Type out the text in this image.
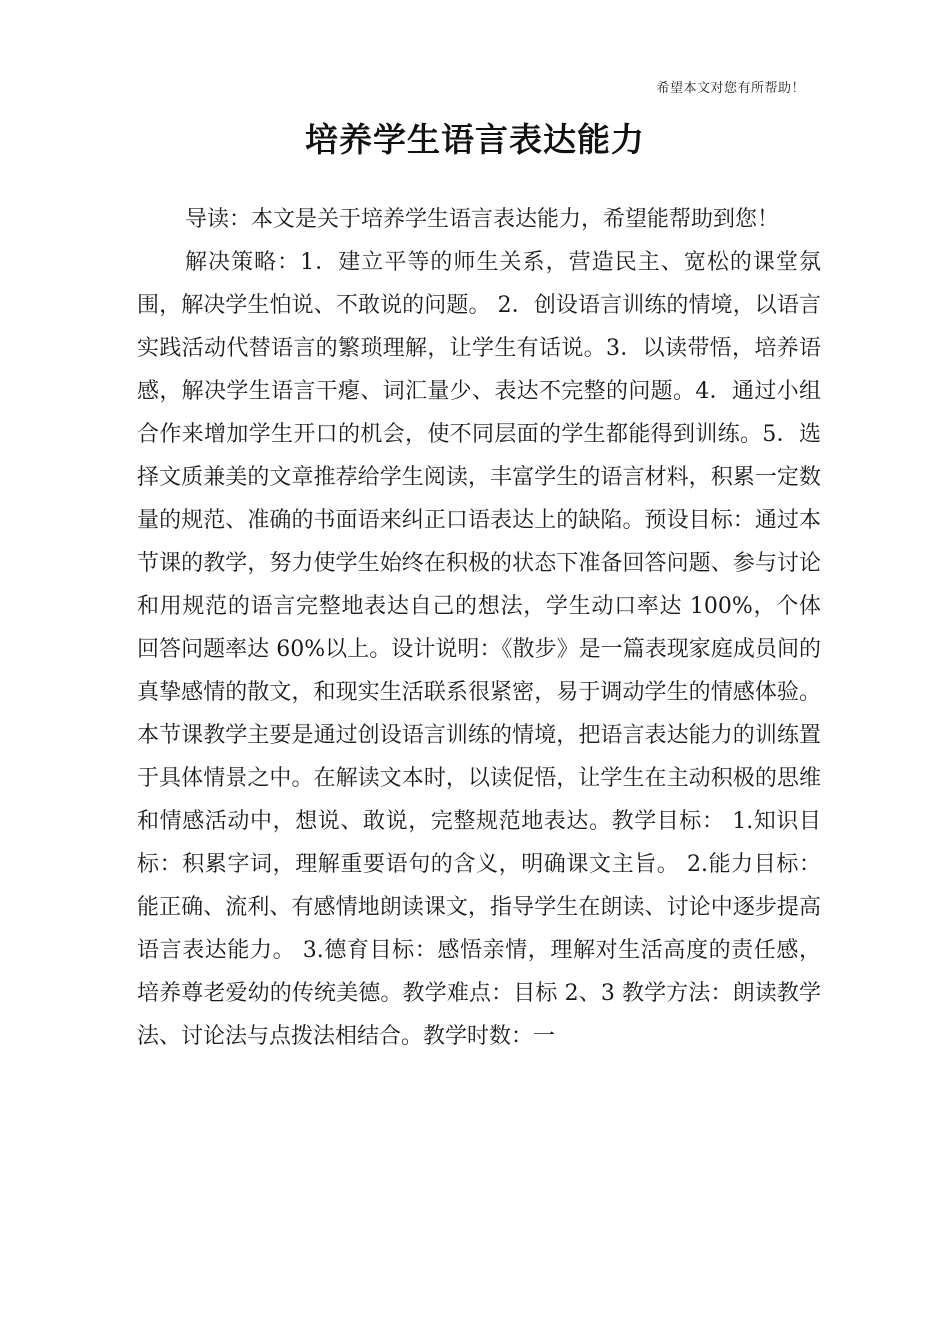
希望本文对您有所帮助！
培养学生语言表达能力

导读：本文是关于培养学生语言表达能力，希望能帮助到您！

解决策略：1．建立平等的师生关系，营造民主、宽松的课堂氛围，解决学生怕说、不敢说的问题。 2．创设语言训练的情境，以语言实践活动代替语言的繁琐理解，让学生有话说。3．以读带悟，培养语感，解决学生语言干瘪、词汇量少、表达不完整的问题。4．通过小组合作来增加学生开口的机会，使不同层面的学生都能得到训练。5．选择文质兼美的文章推荐给学生阅读，丰富学生的语言材料，积累一定数量的规范、准确的书面语来纠正口语表达上的缺陷。预设目标：通过本节课的教学，努力使学生始终在积极的状态下准备回答问题、参与讨论和用规范的语言完整地表达自己的想法，学生动口率达 100%，个体回答问题率达 60%以上。设计说明：《散步》是一篇表现家庭成员间的真挚感情的散文，和现实生活联系很紧密，易于调动学生的情感体验。本节课教学主要是通过创设语言训练的情境，把语言表达能力的训练置于具体情景之中。在解读文本时，以读促悟，让学生在主动积极的思维和情感活动中，想说、敢说，完整规范地表达。教学目标： 1.知识目标：积累字词，理解重要语句的含义，明确课文主旨。 2.能力目标：能正确、流利、有感情地朗读课文，指导学生在朗读、讨论中逐步提高语言表达能力。 3.德育目标：感悟亲情，理解对生活高度的责任感，培养尊老爱幼的传统美德。教学难点：目标 2、3 教学方法：朗读教学法、讨论法与点拨法相结合。教学时数：一
